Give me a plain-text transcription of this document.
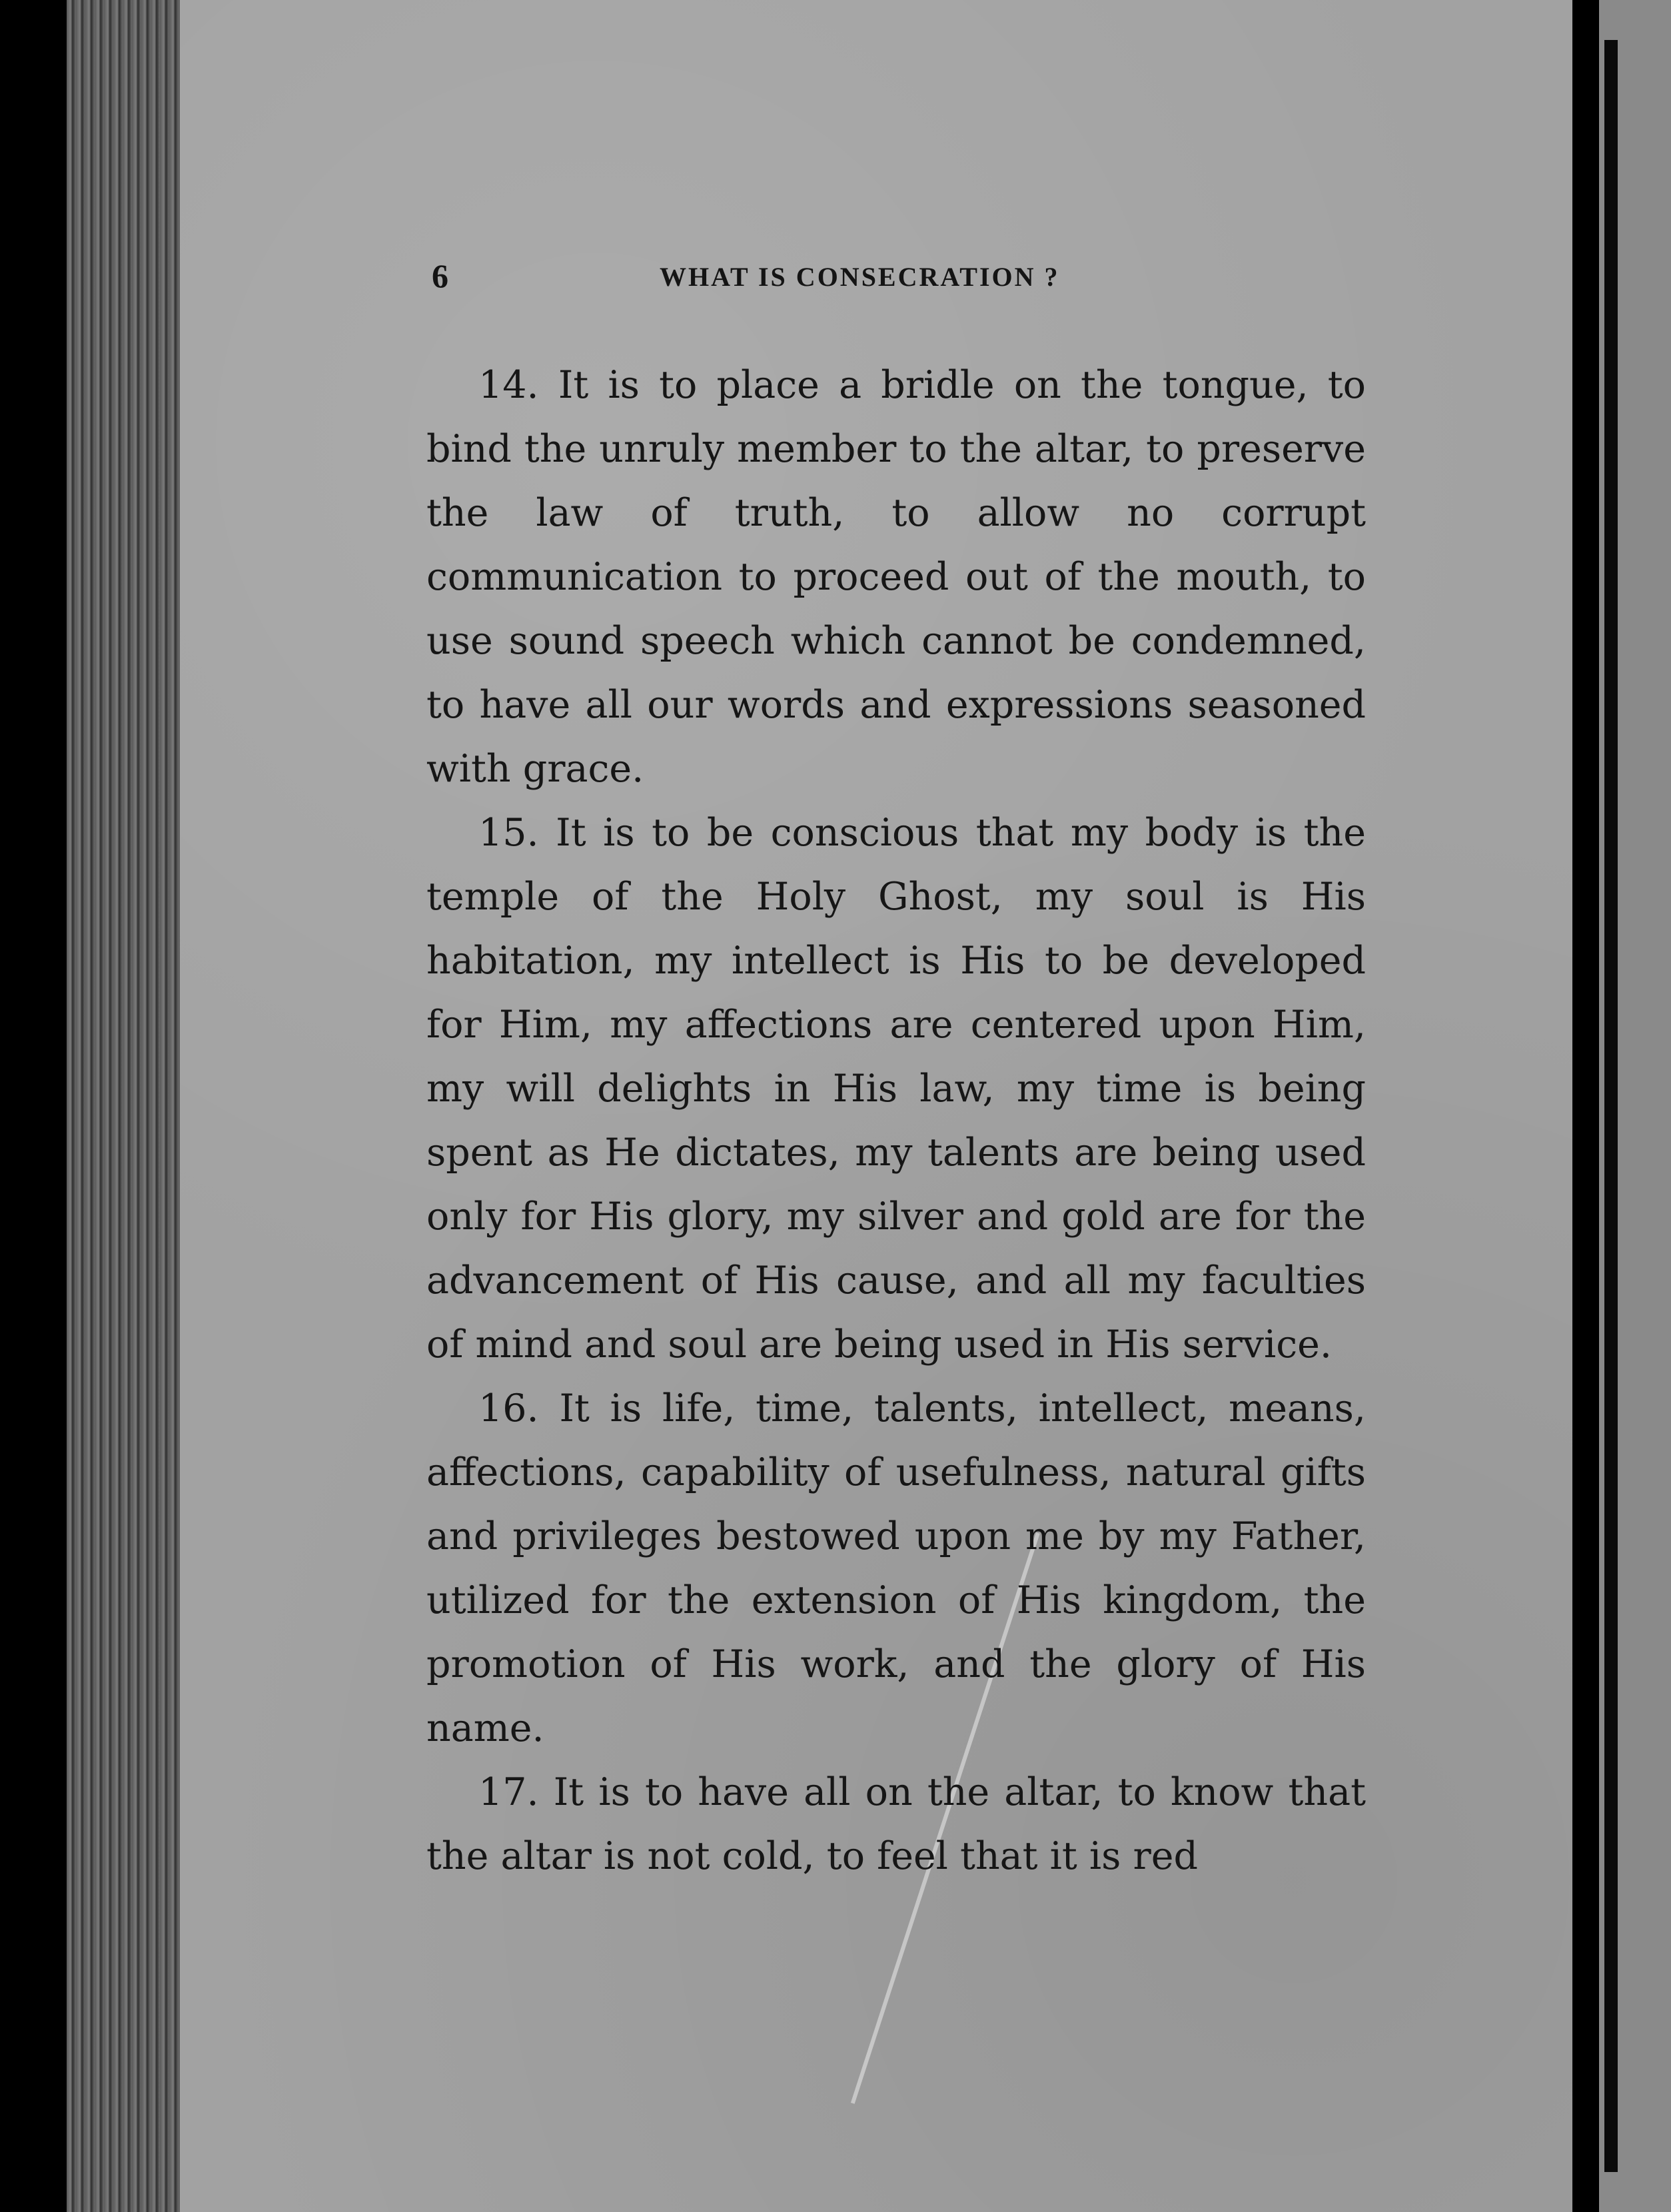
6	WHAT IS CONSECRATION ?

14. It is to place a bridle on the tongue, to bind the unruly member to the altar, to preserve the law of truth, to allow no corrupt communication to proceed out of the mouth, to use sound speech which cannot be condemned, to have all our words and expressions seasoned with grace.

15. It is to be conscious that my body is the temple of the Holy Ghost, my soul is His habitation, my intellect is His to be developed for Him, my affections are centered upon Him, my will delights in His law, my time is being spent as He dictates, my talents are being used only for His glory, my silver and gold are for the advancement of His cause, and all my faculties of mind and soul are being used in His service.

16. It is life, time, talents, intellect, means, affections, capability of usefulness, natural gifts and privileges bestowed upon me by my Father, utilized for the extension of His kingdom, the promotion of His work, and the glory of His name.

17. It is to have all on the altar, to know that the altar is not cold, to feel that it is red
